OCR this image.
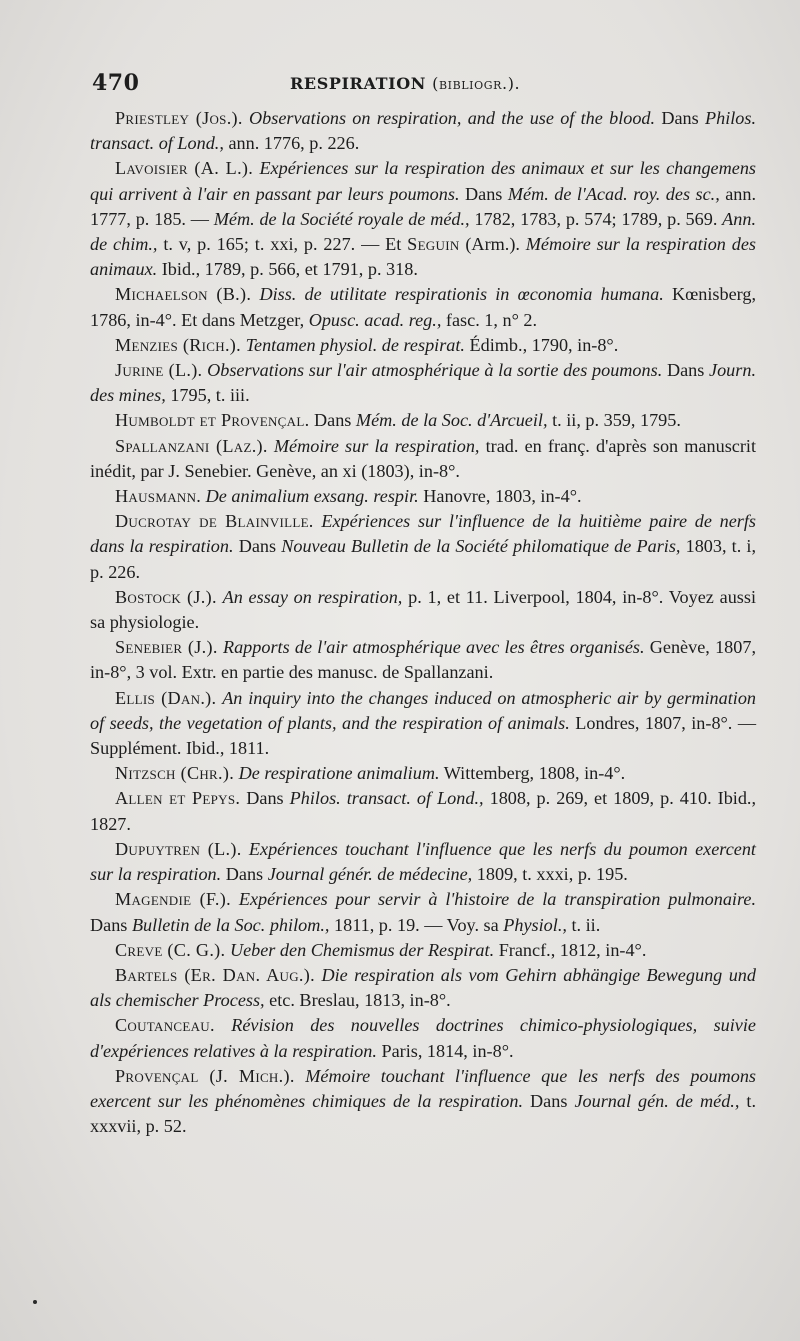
470	RESPIRATION (bibliogr.).

Priestley (Jos.). Observations on respiration, and the use of the blood. Dans Philos. transact. of Lond., ann. 1776, p. 226.

Lavoisier (A. L.). Expériences sur la respiration des animaux et sur les changemens qui arrivent à l'air en passant par leurs poumons. Dans Mém. de l'Acad. roy. des sc., ann. 1777, p. 185. — Mém. de la Société royale de méd., 1782, 1783, p. 574; 1789, p. 569. Ann. de chim., t. v, p. 165; t. xxi, p. 227. — Et Seguin (Arm.). Mémoire sur la respiration des animaux. Ibid., 1789, p. 566, et 1791, p. 318.

Michaelson (B.). Diss. de utilitate respirationis in œconomia humana. Kœnisberg, 1786, in-4°. Et dans Metzger, Opusc. acad. reg., fasc. 1, n° 2.

Menzies (Rich.). Tentamen physiol. de respirat. Édimb., 1790, in-8°.

Jurine (L.). Observations sur l'air atmosphérique à la sortie des poumons. Dans Journ. des mines, 1795, t. iii.

Humboldt et Provençal. Dans Mém. de la Soc. d'Arcueil, t. ii, p. 359, 1795.

Spallanzani (Laz.). Mémoire sur la respiration, trad. en franç. d'après son manuscrit inédit, par J. Senebier. Genève, an xi (1803), in-8°.

Hausmann. De animalium exsang. respir. Hanovre, 1803, in-4°.

Ducrotay de Blainville. Expériences sur l'influence de la huitième paire de nerfs dans la respiration. Dans Nouveau Bulletin de la Société philomatique de Paris, 1803, t. i, p. 226.

Bostock (J.). An essay on respiration, p. 1, et 11. Liverpool, 1804, in-8°. Voyez aussi sa physiologie.

Senebier (J.). Rapports de l'air atmosphérique avec les êtres organisés. Genève, 1807, in-8°, 3 vol. Extr. en partie des manusc. de Spallanzani.

Ellis (Dan.). An inquiry into the changes induced on atmospheric air by germination of seeds, the vegetation of plants, and the respiration of animals. Londres, 1807, in-8°. — Supplément. Ibid., 1811.

Nitzsch (Chr.). De respiratione animalium. Wittemberg, 1808, in-4°.

Allen et Pepys. Dans Philos. transact. of Lond., 1808, p. 269, et 1809, p. 410. Ibid., 1827.

Dupuytren (L.). Expériences touchant l'influence que les nerfs du poumon exercent sur la respiration. Dans Journal génér. de médecine, 1809, t. xxxi, p. 195.

Magendie (F.). Expériences pour servir à l'histoire de la transpiration pulmonaire. Dans Bulletin de la Soc. philom., 1811, p. 19. — Voy. sa Physiol., t. ii.

Creve (C. G.). Ueber den Chemismus der Respirat. Francf., 1812, in-4°.

Bartels (Er. Dan. Aug.). Die respiration als vom Gehirn abhängige Bewegung und als chemischer Process, etc. Breslau, 1813, in-8°.

Coutanceau. Révision des nouvelles doctrines chimico-physiologiques, suivie d'expériences relatives à la respiration. Paris, 1814, in-8°.

Provençal (J. Mich.). Mémoire touchant l'influence que les nerfs des poumons exercent sur les phénomènes chimiques de la respiration. Dans Journal gén. de méd., t. xxxvii, p. 52.
